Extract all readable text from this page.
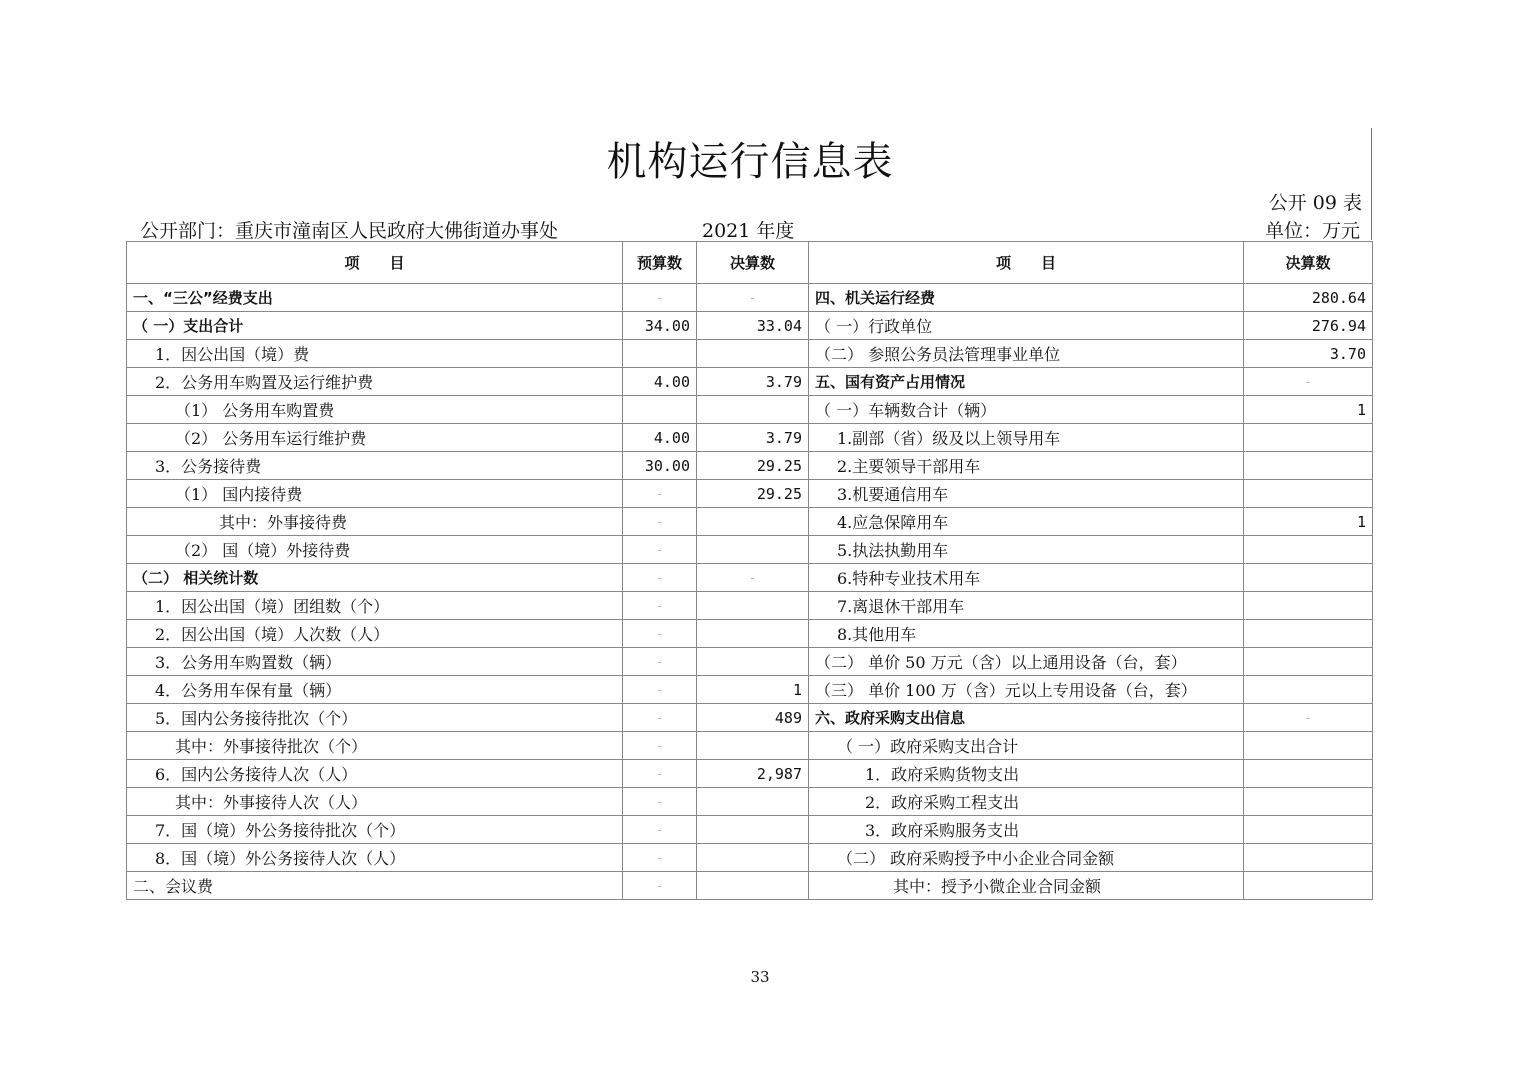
机构运行信息表
公开 09 表
公开部门：重庆市潼南区人民政府大佛街道办事处	2021 年度	单位：万元
项　　目	预算数	决算数	项　　目	决算数
一、“三公”经费支出	-	-	四、机关运行经费	280.64
（ 一）支出合计	34.00	33.04	（ 一）行政单位	276.94
1．因公出国（境）费			（二） 参照公务员法管理事业单位	3.70
2．公务用车购置及运行维护费	4.00	3.79	五、国有资产占用情况	-
（1） 公务用车购置费			（ 一）车辆数合计（辆）	1
（2） 公务用车运行维护费	4.00	3.79	1.副部（省）级及以上领导用车	
3．公务接待费	30.00	29.25	2.主要领导干部用车	
（1） 国内接待费	-	29.25	3.机要通信用车	
其中：外事接待费	-		4.应急保障用车	1
（2） 国（境）外接待费	-		5.执法执勤用车	
（二） 相关统计数	-	-	6.特种专业技术用车	
1．因公出国（境）团组数（个）	-		7.离退休干部用车	
2．因公出国（境）人次数（人）	-		8.其他用车	
3．公务用车购置数（辆）	-		（二） 单价 50 万元（含）以上通用设备（台，套）	
4．公务用车保有量（辆）	-	1	（三） 单价 100 万（含）元以上专用设备（台，套）	
5．国内公务接待批次（个）	-	489	六、政府采购支出信息	-
其中：外事接待批次（个）	-		（ 一）政府采购支出合计	
6．国内公务接待人次（人）	-	2,987	1．政府采购货物支出	
其中：外事接待人次（人）	-		2．政府采购工程支出	
7．国（境）外公务接待批次（个）	-		3．政府采购服务支出	
8．国（境）外公务接待人次（人）	-		（二） 政府采购授予中小企业合同金额	
二、会议费	-		其中：授予小微企业合同金额	
33
